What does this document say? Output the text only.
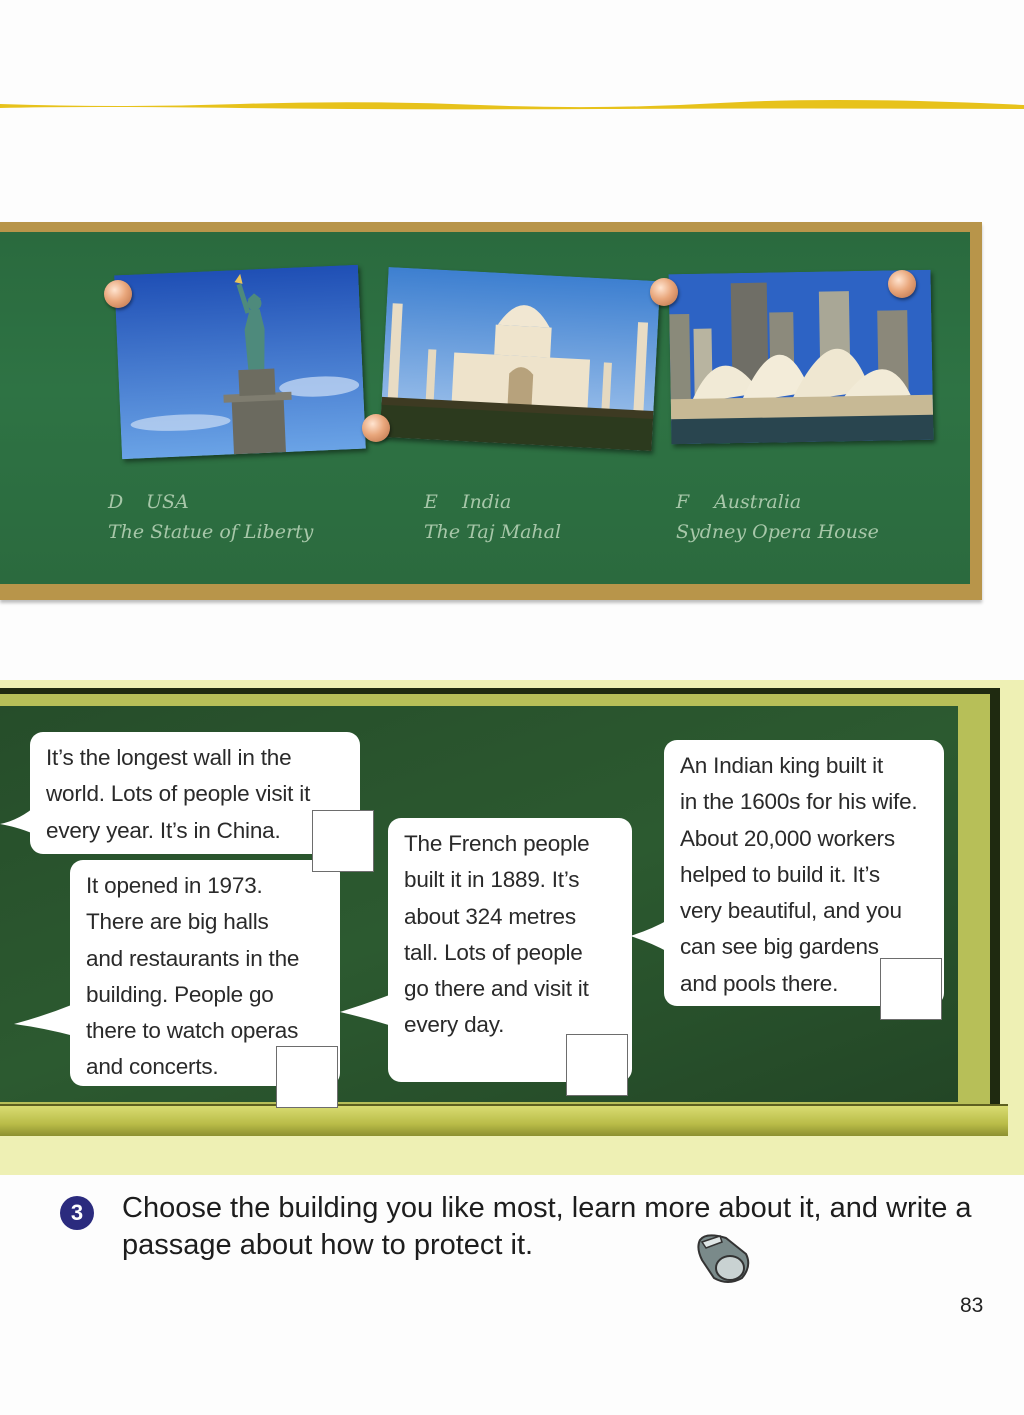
D USA
The Statue of Liberty
E India
The Taj Mahal
F Australia
Sydney Opera House
It’s the longest wall in the
world. Lots of people visit it
every year. It’s in China.
It opened in 1973.
There are big halls
and restaurants in the
building. People go
there to watch operas
and concerts.
The French people
built it in 1889. It’s
about 324 metres
tall. Lots of people
go there and visit it
every day.
An Indian king built it
in the 1600s for his wife.
About 20,000 workers
helped to build it. It’s
very beautiful, and you
can see big gardens
and pools there.
3	Choose the building you like most, learn more about it, and write a passage about how to protect it.
83
